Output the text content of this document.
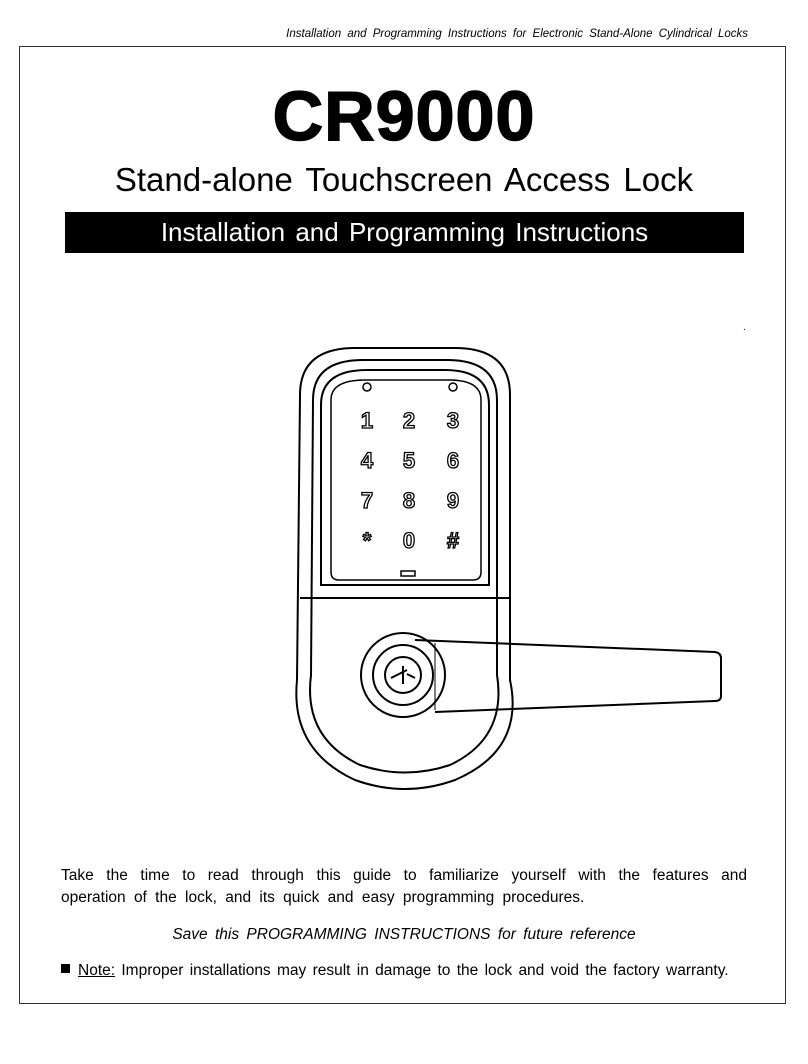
Installation and Programming Instructions for Electronic Stand-Alone Cylindrical Locks
CR9000
Stand-alone Touchscreen Access Lock
Installation and Programming Instructions
.
1 2 3
4 5 6
7 8 9
* 0 #
Take the time to read through this guide to familiarize yourself with the features and operation of the lock, and its quick and easy programming procedures.
Save this PROGRAMMING INSTRUCTIONS for future reference
Note: Improper installations may result in damage to the lock and void the factory warranty.
